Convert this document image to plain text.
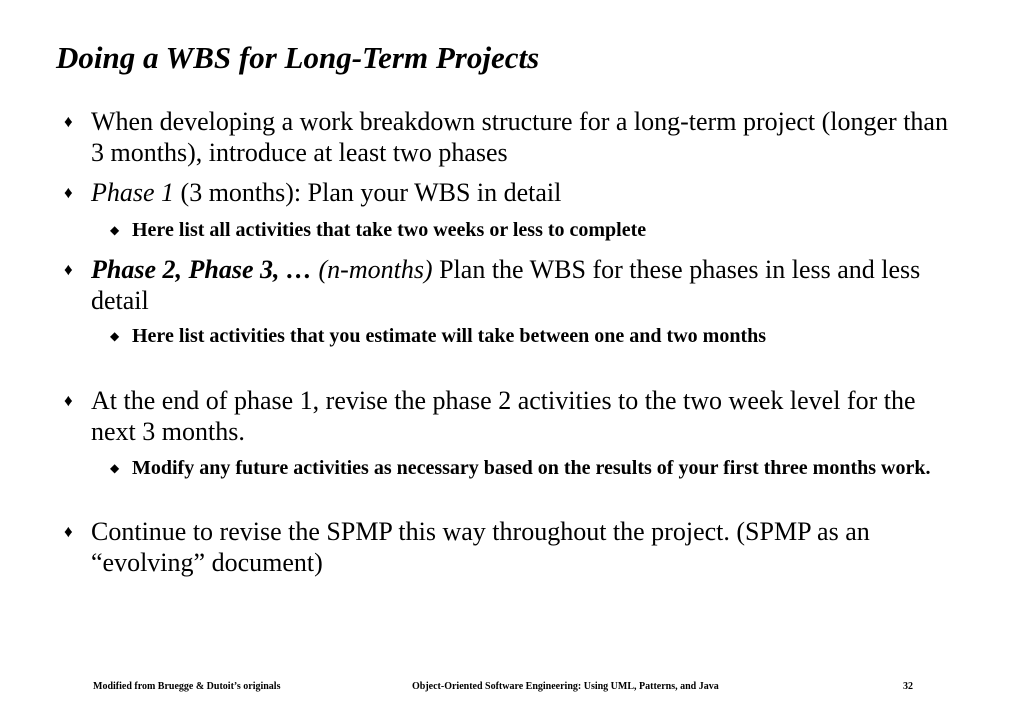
Doing a WBS for Long-Term Projects
♦ When developing a work breakdown structure for a long-term project (longer than 3 months), introduce at least two phases
♦ Phase 1 (3 months): Plan your WBS in detail
◆ Here list all activities that take two weeks or less to complete
♦ Phase 2, Phase 3, … (n-months) Plan the WBS for these phases in less and less detail
◆ Here list activities that you estimate will take between one and two months
♦ At the end of phase 1, revise the phase 2 activities to the two week level for the next 3 months.
◆ Modify any future activities as necessary based on the results of your first three months work.
♦ Continue to revise the SPMP this way throughout the project. (SPMP as an “evolving” document)
Modified from Bruegge & Dutoit’s originals	Object-Oriented Software Engineering: Using UML, Patterns, and Java	32
